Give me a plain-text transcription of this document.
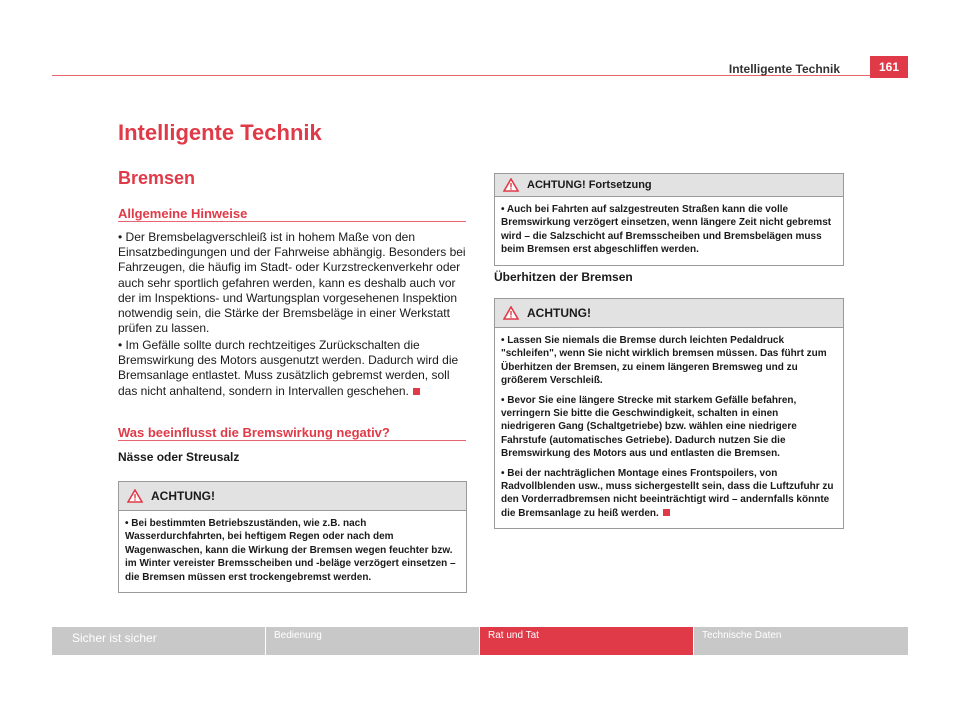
Intelligente Technik	161
Intelligente Technik
Bremsen
Allgemeine Hinweise
• Der Bremsbelagverschleiß ist in hohem Maße von den Einsatzbedingungen und der Fahrweise abhängig. Besonders bei Fahrzeugen, die häufig im Stadt- oder Kurzstreckenverkehr oder auch sehr sportlich gefahren werden, kann es deshalb auch vor der im Inspektions- und Wartungsplan vorgesehenen Inspektion notwendig sein, die Stärke der Bremsbeläge in einer Werkstatt prüfen zu lassen.
• Im Gefälle sollte durch rechtzeitiges Zurückschalten die Bremswirkung des Motors ausgenutzt werden. Dadurch wird die Bremsanlage entlastet. Muss zusätzlich gebremst werden, soll das nicht anhaltend, sondern in Intervallen geschehen.
Was beeinflusst die Bremswirkung negativ?
Nässe oder Streusalz
ACHTUNG!

• Bei bestimmten Betriebszuständen, wie z.B. nach Wasserdurchfahrten, bei heftigem Regen oder nach dem Wagenwaschen, kann die Wirkung der Bremsen wegen feuchter bzw. im Winter vereister Bremsscheiben und -beläge verzögert einsetzen – die Bremsen müssen erst trockengebremst werden.

ACHTUNG! Fortsetzung

• Auch bei Fahrten auf salzgestreuten Straßen kann die volle Bremswirkung verzögert einsetzen, wenn längere Zeit nicht gebremst wird – die Salzschicht auf Bremsscheiben und Bremsbelägen muss beim Bremsen erst abgeschliffen werden.

Überhitzen der Bremsen
ACHTUNG!

• Lassen Sie niemals die Bremse durch leichten Pedaldruck "schleifen", wenn Sie nicht wirklich bremsen müssen. Das führt zum Überhitzen der Bremsen, zu einem längeren Bremsweg und zu größerem Verschleiß.

• Bevor Sie eine längere Strecke mit starkem Gefälle befahren, verringern Sie bitte die Geschwindigkeit, schalten in einen niedrigeren Gang (Schaltgetriebe) bzw. wählen eine niedrigere Fahrstufe (automatisches Getriebe). Dadurch nutzen Sie die Bremswirkung des Motors aus und entlasten die Bremsen.

• Bei der nachträglichen Montage eines Frontspoilers, von Radvollblenden usw., muss sichergestellt sein, dass die Luftzufuhr zu den Vorderradbremsen nicht beeinträchtigt wird – andernfalls könnte die Bremsanlage zu heiß werden.

Sicher ist sicher	Bedienung	Rat und Tat	Technische Daten
